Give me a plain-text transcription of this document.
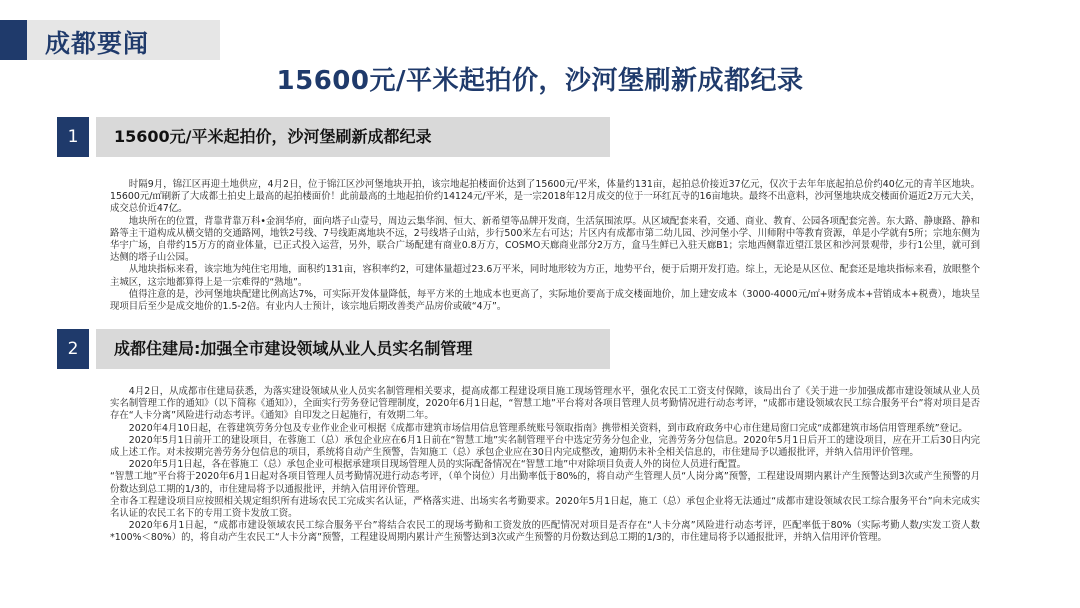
成都要闻
15600元/平米起拍价，沙河堡刷新成都纪录
1	15600元/平米起拍价，沙河堡刷新成都纪录

时隔9月，锦江区再迎土地供应，4月2日，位于锦江区沙河堡地块开拍，该宗地起拍楼面价达到了15600元/平米，体量约131亩，起拍总价接近37亿元，仅次于去年年底起拍总价约40亿元的青羊区地块。15600元/㎡刷新了大成都土拍史上最高的起拍楼面价！此前最高的土地起拍价约14124元/平米，是一宗2018年12月成交的位于一环红瓦寺的16亩地块。最终不出意料，沙河堡地块成交楼面价逼近2万元大关，成交总价近47亿。

地块所在的位置，背靠背靠万科•金润华府，面向塔子山壹号，周边云集华润、恒大、新希望等品牌开发商，生活氛围浓厚。从区域配套来看，交通、商业、教育、公园各项配套完善。东大路、静康路、静和路等主干道构成从横交错的交通路网，地铁2号线、7号线距离地块不远，2号线塔子山站，步行500米左右可达；片区内有成都市第二幼儿园、沙河堡小学、川师附中等教育资源，单是小学就有5所；宗地东侧为华宇广场，自带约15万方的商业体量，已正式投入运营，另外，联合广场配建有商业0.8万方，COSMO天廊商业部分2万方，盒马生鲜已入驻天廊B1；宗地西侧靠近望江景区和沙河景观带，步行1公里，就可到达侧的塔子山公园。

从地块指标来看，该宗地为纯住宅用地，面积约131亩，容积率约2，可建体量超过23.6万平米，同时地形较为方正，地势平台，便于后期开发打造。综上，无论是从区位、配套还是地块指标来看，放眼整个主城区，这宗地都算得上是一宗难得的“熟地”。

值得注意的是，沙河堡地块配建比例高达7%，可实际开发体量降低，每平方米的土地成本也更高了，实际地价要高于成交楼面地价，加上建安成本（3000-4000元/㎡+财务成本+营销成本+税费），地块呈现项目后至少是成交地价的1.5-2倍。有业内人士预计，该宗地后期改善类产品房价或破“4万”。

2	成都住建局:加强全市建设领域从业人员实名制管理

4月2日，从成都市住建局获悉，为落实建设领域从业人员实名制管理相关要求，提高成都工程建设项目施工现场管理水平，强化农民工工资支付保障，该局出台了《关于进一步加强成都市建设领域从业人员实名制管理工作的通知》（以下简称《通知》），全面实行劳务登记管理制度，2020年6月1日起，“智慧工地”平台将对各项目管理人员考勤情况进行动态考评，“成都市建设领域农民工综合服务平台”将对项目是否存在“人卡分离”风险进行动态考评。《通知》自印发之日起施行，有效期二年。

2020年4月10日起，在蓉建筑劳务分包及专业作业企业可根据《成都市建筑市场信用信息管理系统账号领取指南》携带相关资料，到市政府政务中心市住建局窗口完成“成都建筑市场信用管理系统”登记。

2020年5月1日前开工的建设项目，在蓉施工（总）承包企业应在6月1日前在“智慧工地”实名制管理平台中选定劳务分包企业，完善劳务分包信息。2020年5月1日后开工的建设项目，应在开工后30日内完成上述工作。对未按期完善劳务分包信息的项目，系统将自动产生预警，告知施工（总）承包企业应在30日内完成整改，逾期仍未补全相关信息的，市住建局予以通报批评，并纳入信用评价管理。

2020年5月1日起，各在蓉施工（总）承包企业可根据承建项目现场管理人员的实际配备情况在“智慧工地”中对除项目负责人外的岗位人员进行配置。

“智慧工地”平台将于2020年6月1日起对各项目管理人员考勤情况进行动态考评，（单个岗位）月出勤率低于80%的，将自动产生管理人员“人岗分离”预警，工程建设周期内累计产生预警达到3次或产生预警的月份数达到总工期的1/3的，市住建局将予以通报批评，并纳入信用评价管理。

全市各工程建设项目应按照相关规定组织所有进场农民工完成实名认证，严格落实进、出场实名考勤要求。2020年5月1日起，施工（总）承包企业将无法通过“成都市建设领域农民工综合服务平台”向未完成实名认证的农民工名下的专用工资卡发放工资。

2020年6月1日起，“成都市建设领域农民工综合服务平台”将结合农民工的现场考勤和工资发放的匹配情况对项目是否存在“人卡分离”风险进行动态考评，匹配率低于80%（实际考勤人数/实发工资人数*100%＜80%）的，将自动产生农民工“人卡分离”预警，工程建设周期内累计产生预警达到3次或产生预警的月份数达到总工期的1/3的，市住建局将予以通报批评，并纳入信用评价管理。
